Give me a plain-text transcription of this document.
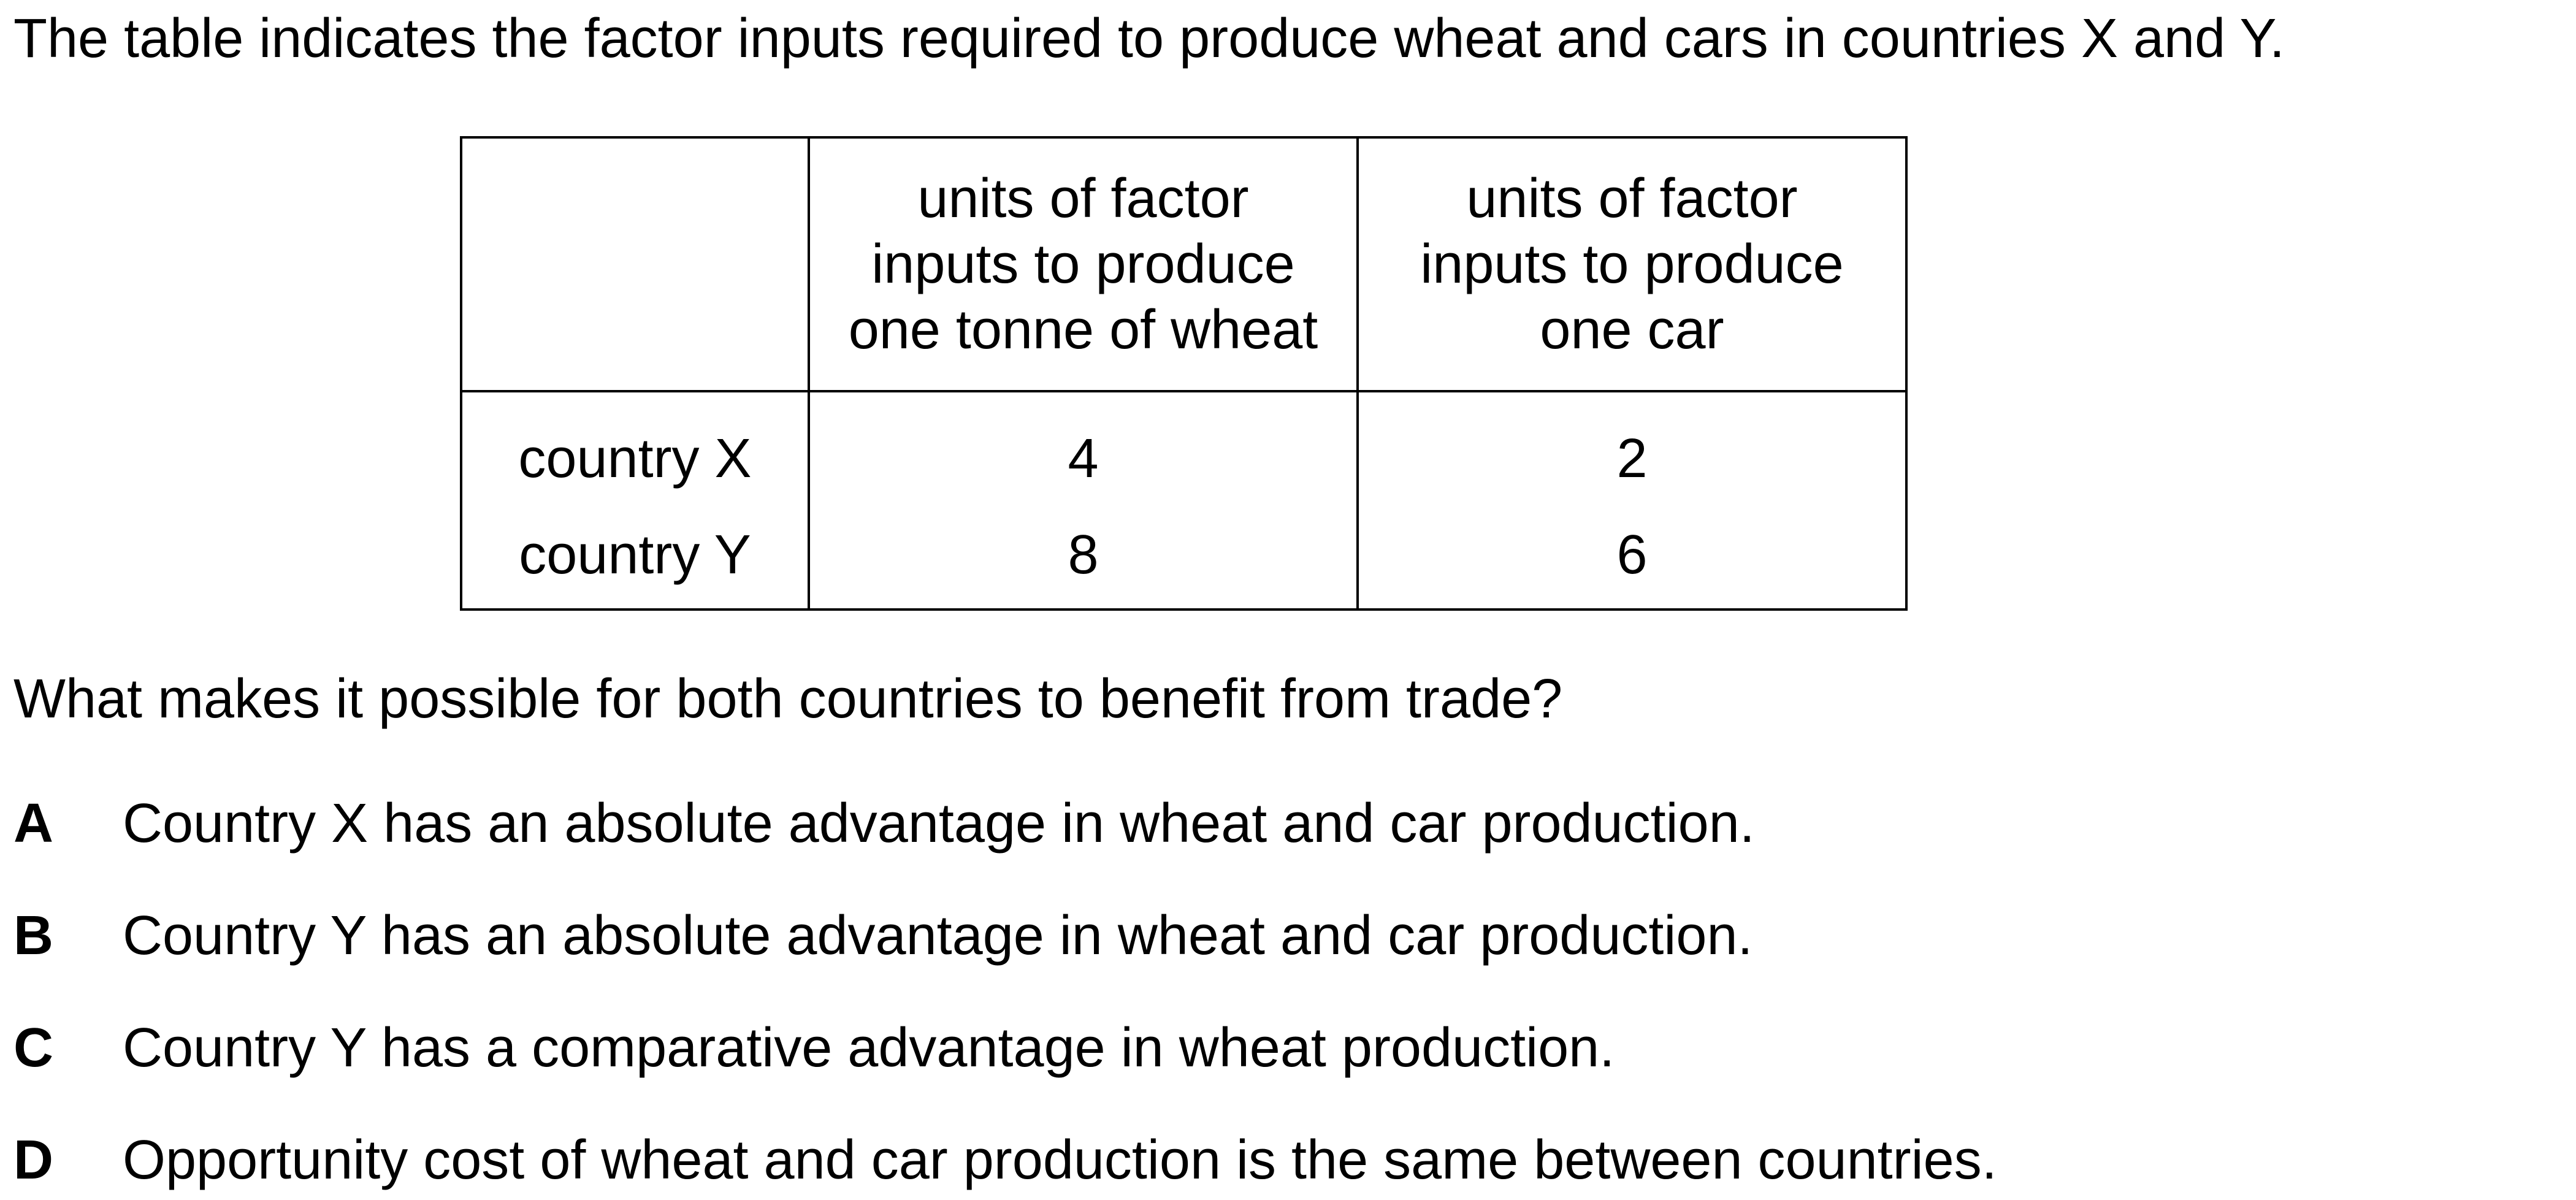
The table indicates the factor inputs required to produce wheat and cars in countries X and Y.
	units of factor
inputs to produce
one tonne of wheat	units of factor
inputs to produce
one car
country X	4	2
country Y	8	6
What makes it possible for both countries to benefit from trade?
A Country X has an absolute advantage in wheat and car production.
B Country Y has an absolute advantage in wheat and car production.
C Country Y has a comparative advantage in wheat production.
D Opportunity cost of wheat and car production is the same between countries.
